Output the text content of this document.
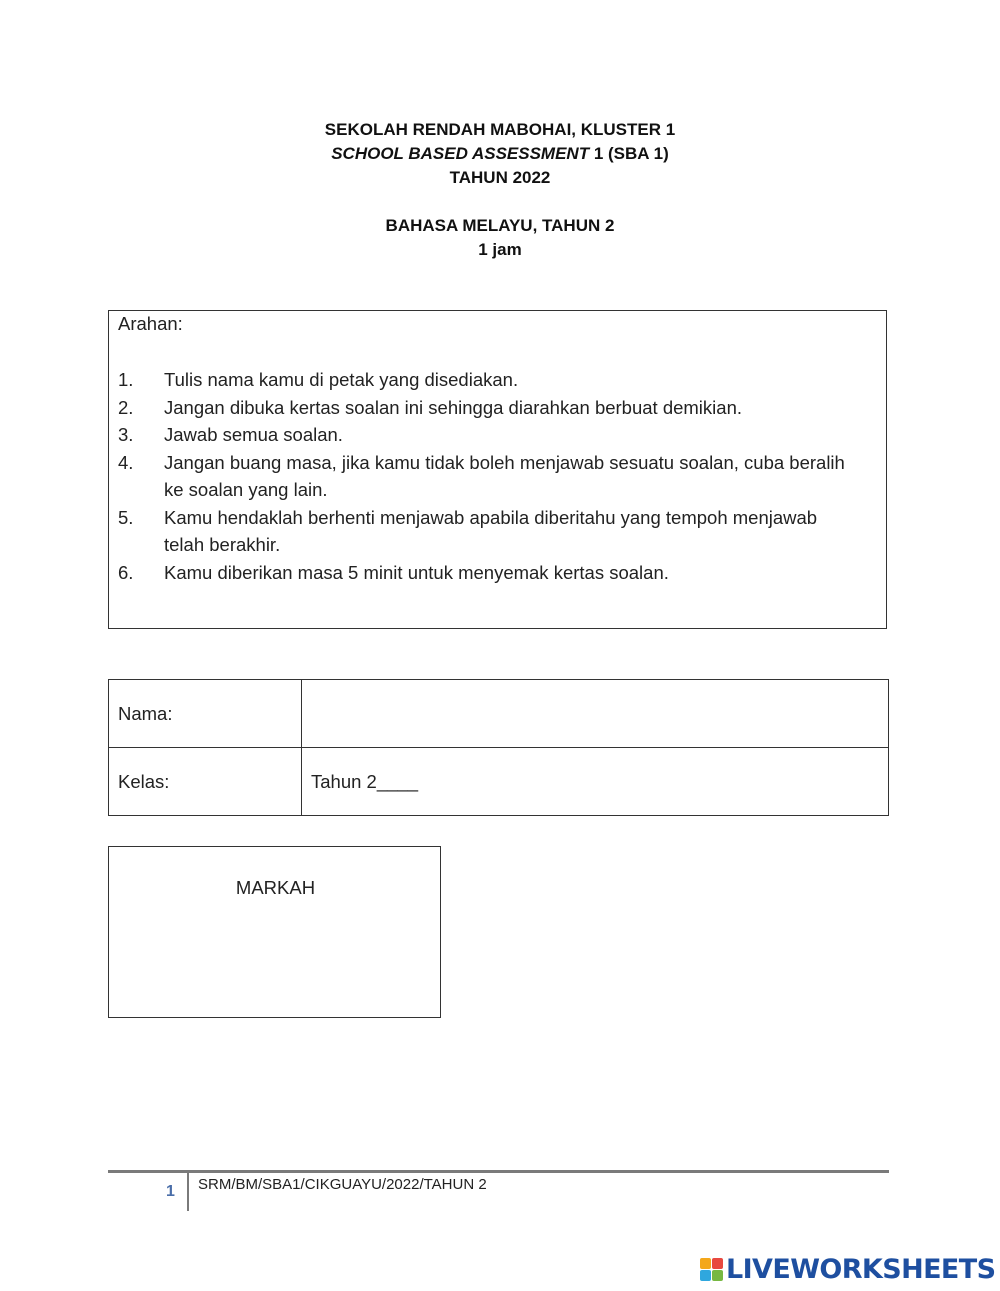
SEKOLAH RENDAH MABOHAI, KLUSTER 1
SCHOOL BASED ASSESSMENT 1 (SBA 1)
TAHUN 2022
BAHASA MELAYU, TAHUN 2
1 jam
Arahan:
1. Tulis nama kamu di petak yang disediakan.
2. Jangan dibuka kertas soalan ini sehingga diarahkan berbuat demikian.
3. Jawab semua soalan.
4. Jangan buang masa, jika kamu tidak boleh menjawab sesuatu soalan, cuba beralih ke soalan yang lain.
5. Kamu hendaklah berhenti menjawab apabila diberitahu yang tempoh menjawab telah berakhir.
6. Kamu diberikan masa 5 minit untuk menyemak kertas soalan.
Nama:	
Kelas:	Tahun 2____
MARKAH
1 SRM/BM/SBA1/CIKGUAYU/2022/TAHUN 2
LIVEWORKSHEETS
